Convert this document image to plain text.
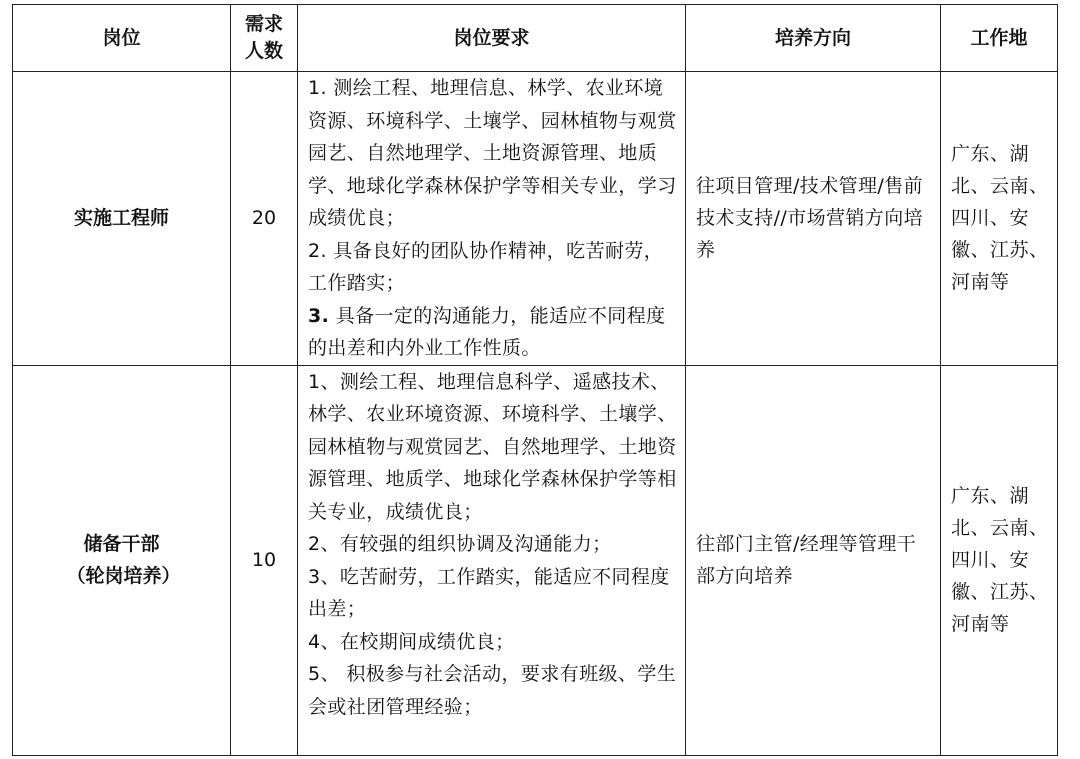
岗位	需求人数	岗位要求	培养方向	工作地
实施工程师	20	1. 测绘工程、地理信息、林学、农业环境资源、环境科学、土壤学、园林植物与观赏园艺、自然地理学、土地资源管理、地质学、地球化学森林保护学等相关专业，学习成绩优良；
2. 具备良好的团队协作精神，吃苦耐劳，工作踏实；
3. 具备一定的沟通能力，能适应不同程度的出差和内外业工作性质。	往项目管理/技术管理/售前技术支持//市场营销方向培养	广东、湖北、云南、四川、安徽、江苏、河南等
储备干部（轮岗培养）	10	1、测绘工程、地理信息科学、遥感技术、林学、农业环境资源、环境科学、土壤学、园林植物与观赏园艺、自然地理学、土地资源管理、地质学、地球化学森林保护学等相关专业，成绩优良；
2、有较强的组织协调及沟通能力；
3、吃苦耐劳，工作踏实，能适应不同程度出差；
4、在校期间成绩优良；
5、 积极参与社会活动，要求有班级、学生会或社团管理经验；	往部门主管/经理等管理干部方向培养	广东、湖北、云南、四川、安徽、江苏、河南等
